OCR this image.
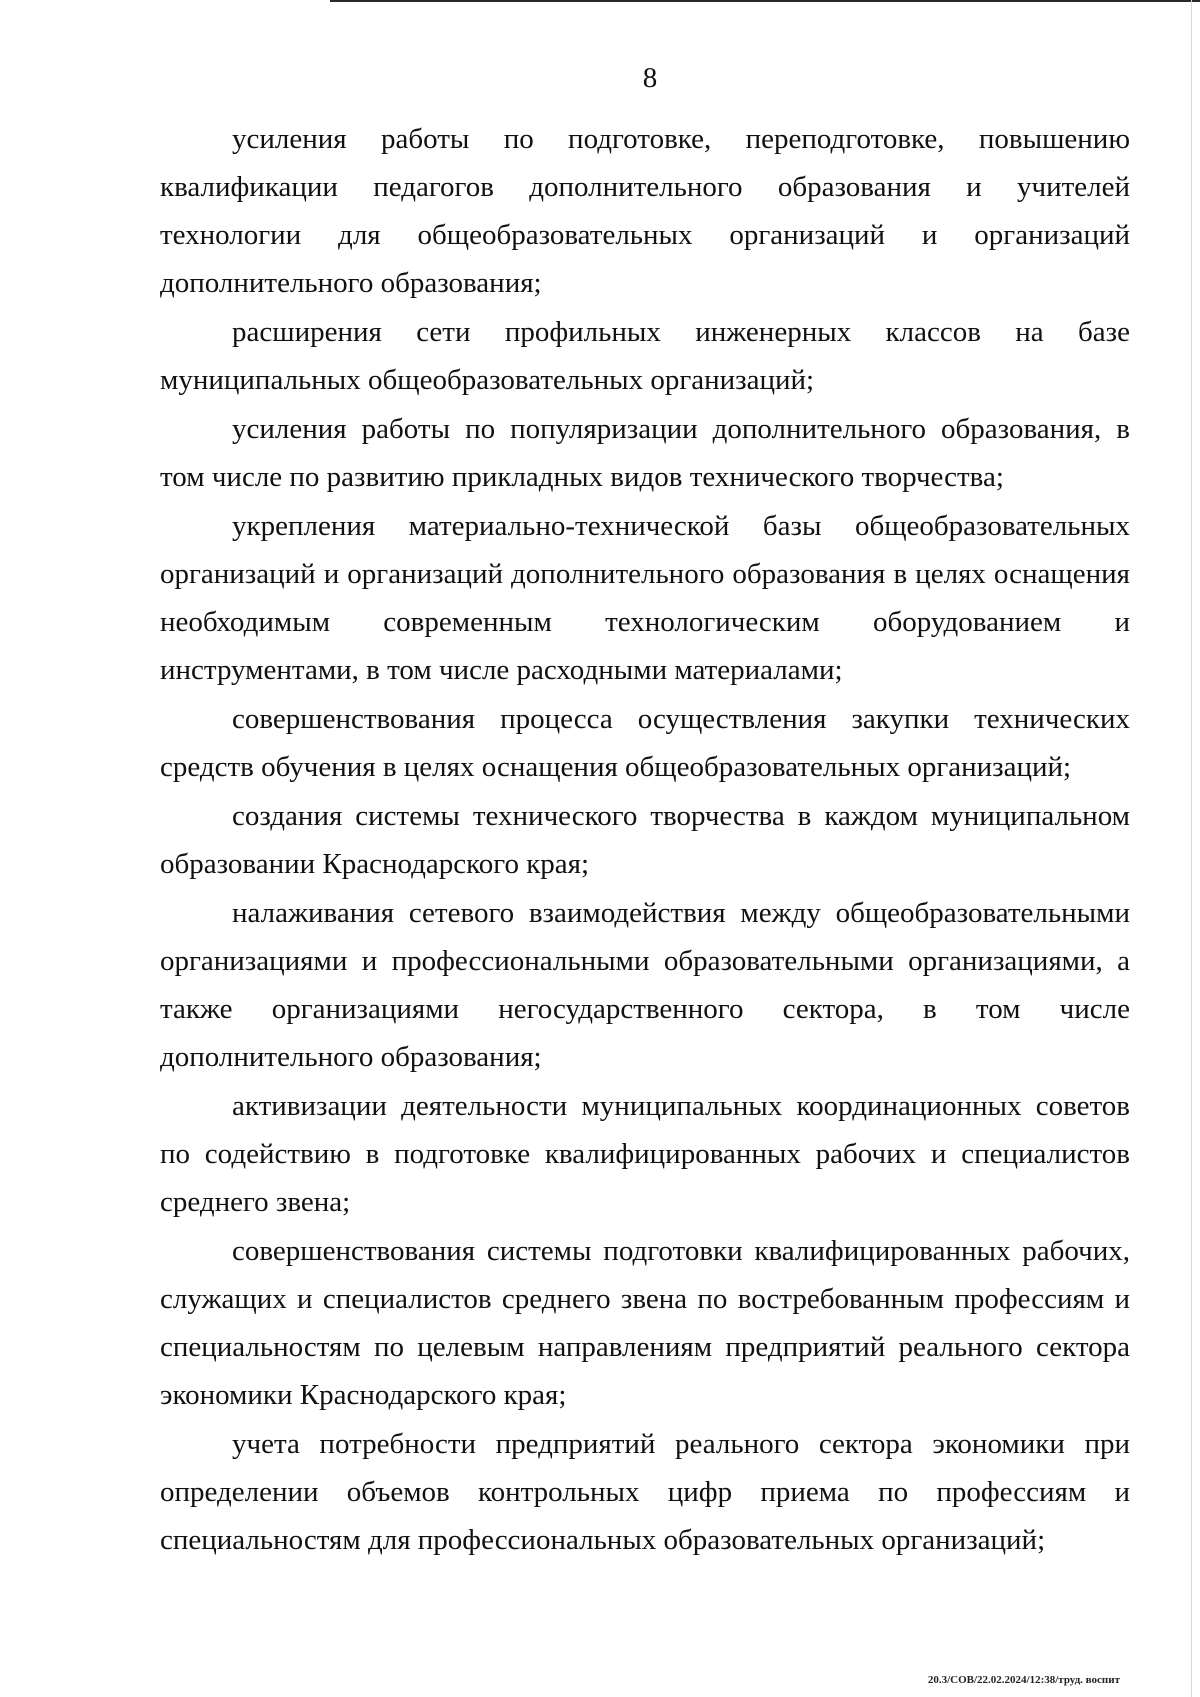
8

усиления работы по подготовке, переподготовке, повышению квалификации педагогов дополнительного образования и учителей технологии для общеобразовательных организаций и организаций дополнительного образования;

расширения сети профильных инженерных классов на базе муниципальных общеобразовательных организаций;

усиления работы по популяризации дополнительного образования, в том числе по развитию прикладных видов технического творчества;

укрепления материально-технической базы общеобразовательных организаций и организаций дополнительного образования в целях оснащения необходимым современным технологическим оборудованием и инструментами, в том числе расходными материалами;

совершенствования процесса осуществления закупки технических средств обучения в целях оснащения общеобразовательных организаций;

создания системы технического творчества в каждом муниципальном образовании Краснодарского края;

налаживания сетевого взаимодействия между общеобразовательными организациями и профессиональными образовательными организациями, а также организациями негосударственного сектора, в том числе дополнительного образования;

активизации деятельности муниципальных координационных советов по содействию в подготовке квалифицированных рабочих и специалистов среднего звена;

совершенствования системы подготовки квалифицированных рабочих, служащих и специалистов среднего звена по востребованным профессиям и специальностям по целевым направлениям предприятий реального сектора экономики Краснодарского края;

учета потребности предприятий реального сектора экономики при определении объемов контрольных цифр приема по профессиям и специальностям для профессиональных образовательных организаций;

20.3/СОВ/22.02.2024/12:38/труд. воспит
